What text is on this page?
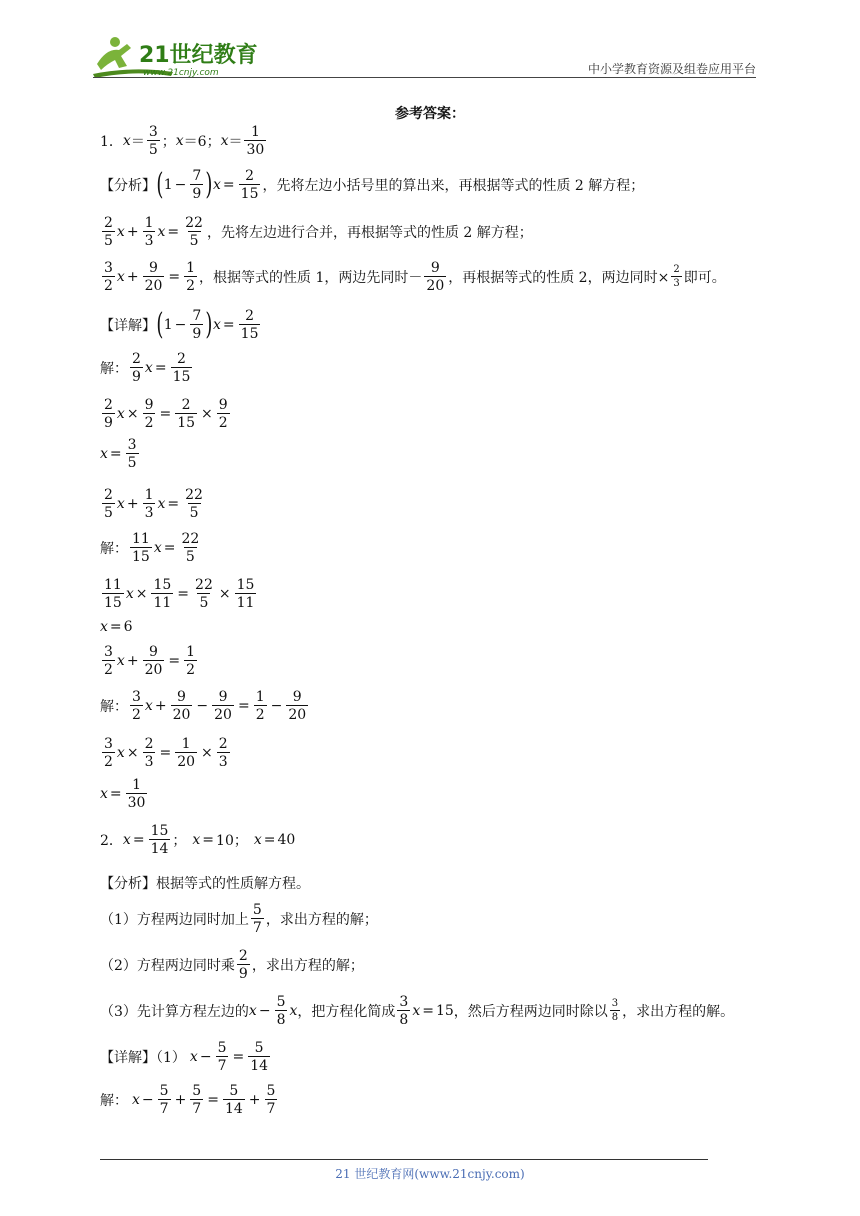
21世纪教育
www.21cnjy.com	中小学教育资源及组卷应用平台
参考答案：
1． $x = \frac{3}{5}$ ； x ＝6； $x = \frac{1}{30}$
【分析】 ( $1 - \frac{7}{9}$ ) $x = \frac{2}{15}$ ，先将左边小括号里的算出来，再根据等式的性质 2 解方程；
$\frac{2}{5}$ $x + \frac{1}{3}$ $x = \frac{22}{5}$ ，先将左边进行合并，再根据等式的性质 2 解方程；
$\frac{3}{2}$ $x + \frac{9}{20} = \frac{1}{2}$ ，根据等式的性质 1，两边先同时－ $\frac{9}{20}$ ，再根据等式的性质 2，两边同时× $\frac{2}{3}$ 即可。
【详解】 ( $1 - \frac{7}{9}$ ) $x = \frac{2}{15}$
解： $\frac{2}{9}$ $x = \frac{2}{15}$
$\frac{2}{9}$ $x \times \frac{9}{2} = \frac{2}{15} \times \frac{9}{2}$
$x = \frac{3}{5}$
$\frac{2}{5}$ $x + \frac{1}{3}$ $x = \frac{22}{5}$
解： $\frac{11}{15}$ $x = \frac{22}{5}$
$\frac{11}{15}$ $x \times \frac{15}{11} = \frac{22}{5} \times \frac{15}{11}$
x = 6
$\frac{3}{2}$ $x + \frac{9}{20} = \frac{1}{2}$
解： $\frac{3}{2}$ $x + \frac{9}{20} - \frac{9}{20} = \frac{1}{2} - \frac{9}{20}$
$\frac{3}{2}$ $x \times \frac{2}{3} = \frac{1}{20} \times \frac{2}{3}$
$x = \frac{1}{30}$
2． $x = \frac{15}{14}$ ； x = 10； x = 40
【分析】根据等式的性质解方程。
（1）方程两边同时加上 $\frac{5}{7}$ ，求出方程的解；
（2）方程两边同时乘 $\frac{2}{9}$ ，求出方程的解；
（3）先计算方程左边的 $x - \frac{5}{8}$ x ，把方程化简成 $\frac{3}{8}$ x = 15 ，然后方程两边同时除以 $\frac{3}{8}$ ，求出方程的解。
【详解】（1） $x - \frac{5}{7} = \frac{5}{14}$
解： $x - \frac{5}{7} + \frac{5}{7} = \frac{5}{14} + \frac{5}{7}$
21 世纪教育网(www.21cnjy.com)
